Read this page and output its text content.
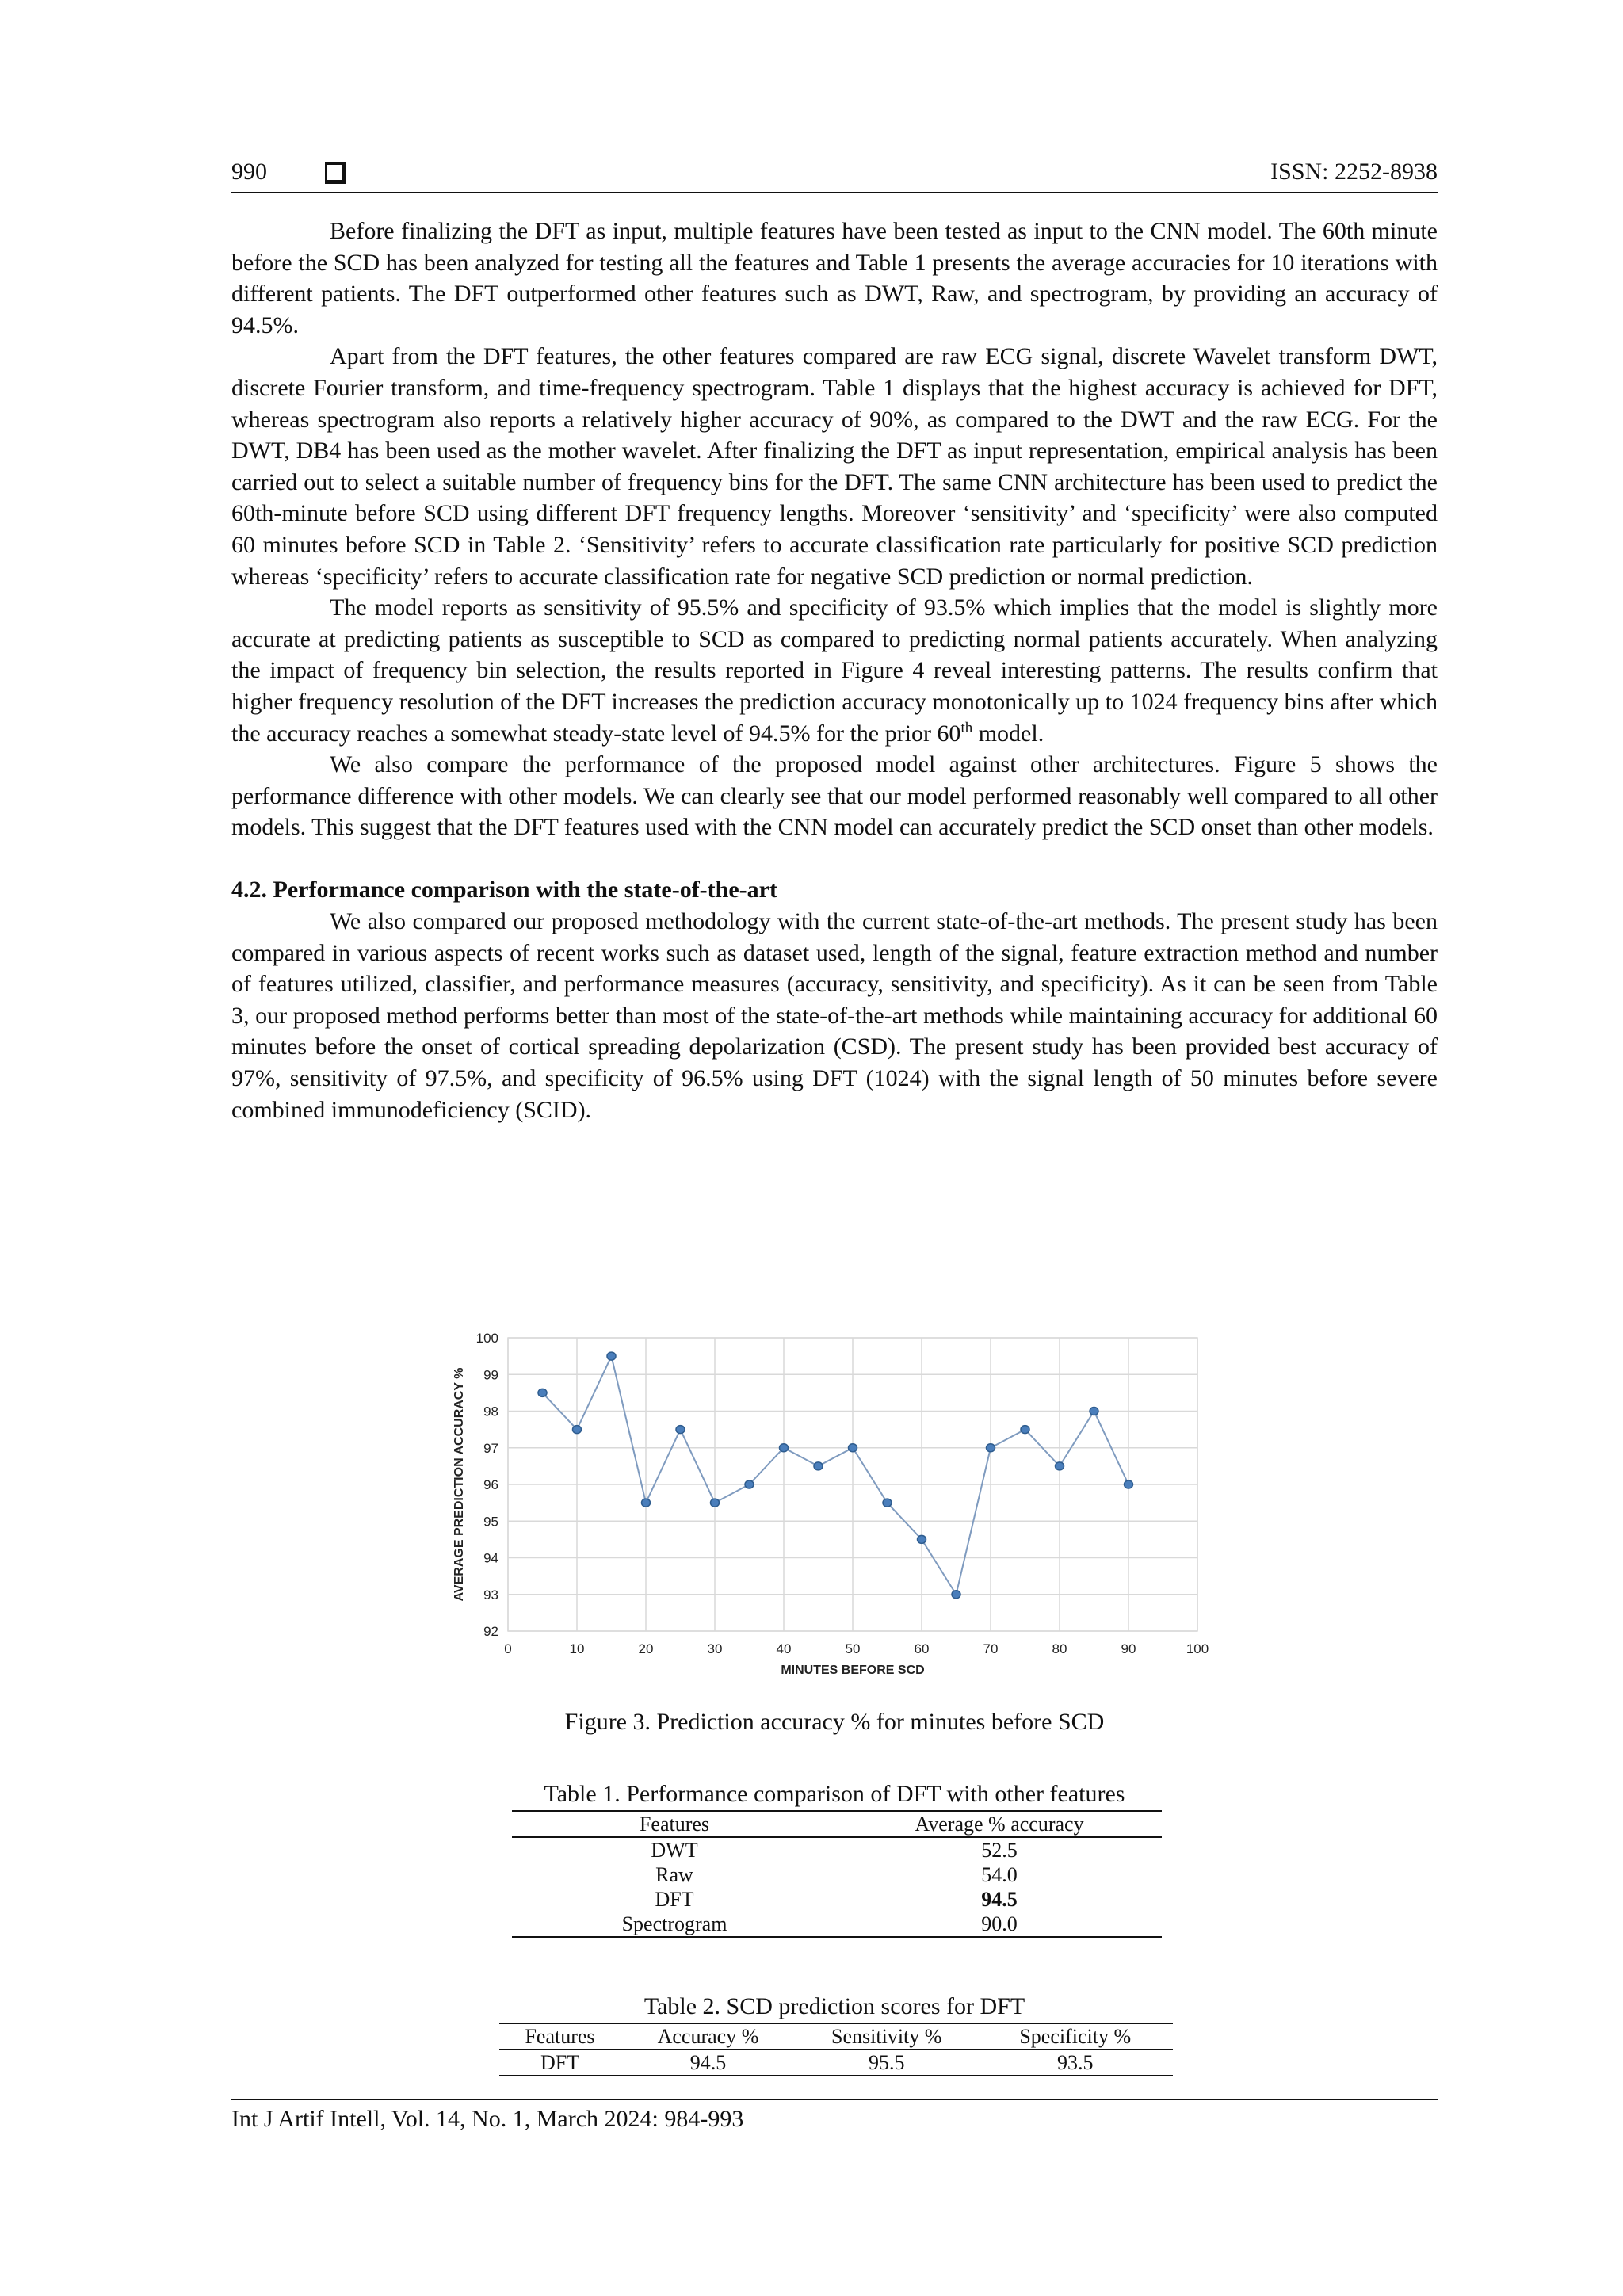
990	ISSN: 2252-8938

Before finalizing the DFT as input, multiple features have been tested as input to the CNN model. The 60th minute before the SCD has been analyzed for testing all the features and Table 1 presents the average accuracies for 10 iterations with different patients. The DFT outperformed other features such as DWT, Raw, and spectrogram, by providing an accuracy of 94.5%.

Apart from the DFT features, the other features compared are raw ECG signal, discrete Wavelet transform DWT, discrete Fourier transform, and time-frequency spectrogram. Table 1 displays that the highest accuracy is achieved for DFT, whereas spectrogram also reports a relatively higher accuracy of 90%, as compared to the DWT and the raw ECG. For the DWT, DB4 has been used as the mother wavelet. After finalizing the DFT as input representation, empirical analysis has been carried out to select a suitable number of frequency bins for the DFT. The same CNN architecture has been used to predict the 60th-minute before SCD using different DFT frequency lengths. Moreover ‘sensitivity’ and ‘specificity’ were also computed 60 minutes before SCD in Table 2. ‘Sensitivity’ refers to accurate classification rate particularly for positive SCD prediction whereas ‘specificity’ refers to accurate classification rate for negative SCD prediction or normal prediction.

The model reports as sensitivity of 95.5% and specificity of 93.5% which implies that the model is slightly more accurate at predicting patients as susceptible to SCD as compared to predicting normal patients accurately. When analyzing the impact of frequency bin selection, the results reported in Figure 4 reveal interesting patterns. The results confirm that higher frequency resolution of the DFT increases the prediction accuracy monotonically up to 1024 frequency bins after which the accuracy reaches a somewhat steady-state level of 94.5% for the prior 60th model.

We also compare the performance of the proposed model against other architectures. Figure 5 shows the performance difference with other models. We can clearly see that our model performed reasonably well compared to all other models. This suggest that the DFT features used with the CNN model can accurately predict the SCD onset than other models.

4.2. Performance comparison with the state-of-the-art

We also compared our proposed methodology with the current state-of-the-art methods. The present study has been compared in various aspects of recent works such as dataset used, length of the signal, feature extraction method and number of features utilized, classifier, and performance measures (accuracy, sensitivity, and specificity). As it can be seen from Table 3, our proposed method performs better than most of the state-of-the-art methods while maintaining accuracy for additional 60 minutes before the onset of cortical spreading depolarization (CSD). The present study has been provided best accuracy of 97%, sensitivity of 97.5%, and specificity of 96.5% using DFT (1024) with the signal length of 50 minutes before severe combined immunodeficiency (SCID).

92
93
94
95
96
97
98
99
100
0	10	20	30	40	50	60	70	80	90	100
MINUTES BEFORE SCD
AVERAGE PREDICTION ACCURACY %
Figure 3. Prediction accuracy % for minutes before SCD
Table 1. Performance comparison of DFT with other features
Features	Average % accuracy
DWT	52.5
Raw	54.0
DFT	94.5
Spectrogram	90.0
Table 2. SCD prediction scores for DFT
Features	Accuracy %	Sensitivity %	Specificity %
DFT	94.5	95.5	93.5
Int J Artif Intell, Vol. 14, No. 1, March 2024: 984-993
